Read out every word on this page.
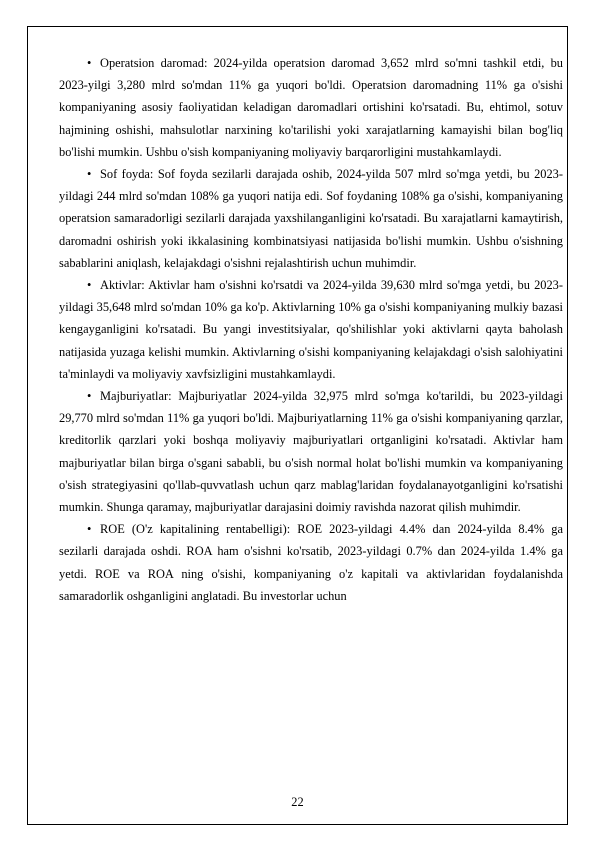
• Operatsion daromad: 2024-yilda operatsion daromad 3,652 mlrd so'mni tashkil etdi, bu 2023-yilgi 3,280 mlrd so'mdan 11% ga yuqori bo'ldi. Operatsion daromadning 11% ga o'sishi kompaniyaning asosiy faoliyatidan keladigan daromadlari ortishini ko'rsatadi. Bu, ehtimol, sotuv hajmining oshishi, mahsulotlar narxining ko'tarilishi yoki xarajatlarning kamayishi bilan bog'liq bo'lishi mumkin. Ushbu o'sish kompaniyaning moliyaviy barqarorligini mustahkamlaydi.

• Sof foyda: Sof foyda sezilarli darajada oshib, 2024-yilda 507 mlrd so'mga yetdi, bu 2023-yildagi 244 mlrd so'mdan 108% ga yuqori natija edi. Sof foydaning 108% ga o'sishi, kompaniyaning operatsion samaradorligi sezilarli darajada yaxshilanganligini ko'rsatadi. Bu xarajatlarni kamaytirish, daromadni oshirish yoki ikkalasining kombinatsiyasi natijasida bo'lishi mumkin. Ushbu o'sishning sabablarini aniqlash, kelajakdagi o'sishni rejalashtirish uchun muhimdir.

• Aktivlar: Aktivlar ham o'sishni ko'rsatdi va 2024-yilda 39,630 mlrd so'mga yetdi, bu 2023-yildagi 35,648 mlrd so'mdan 10% ga ko'p. Aktivlarning 10% ga o'sishi kompaniyaning mulkiy bazasi kengayganligini ko'rsatadi. Bu yangi investitsiyalar, qo'shilishlar yoki aktivlarni qayta baholash natijasida yuzaga kelishi mumkin. Aktivlarning o'sishi kompaniyaning kelajakdagi o'sish salohiyatini ta'minlaydi va moliyaviy xavfsizligini mustahkamlaydi.

• Majburiyatlar: Majburiyatlar 2024-yilda 32,975 mlrd so'mga ko'tarildi, bu 2023-yildagi 29,770 mlrd so'mdan 11% ga yuqori bo'ldi. Majburiyatlarning 11% ga o'sishi kompaniyaning qarzlar, kreditorlik qarzlari yoki boshqa moliyaviy majburiyatlari ortganligini ko'rsatadi. Aktivlar ham majburiyatlar bilan birga o'sgani sababli, bu o'sish normal holat bo'lishi mumkin va kompaniyaning o'sish strategiyasini qo'llab-quvvatlash uchun qarz mablag'laridan foydalanayotganligini ko'rsatishi mumkin. Shunga qaramay, majburiyatlar darajasini doimiy ravishda nazorat qilish muhimdir.

• ROE (O'z kapitalining rentabelligi): ROE 2023-yildagi 4.4% dan 2024-yilda 8.4% ga sezilarli darajada oshdi. ROA ham o'sishni ko'rsatib, 2023-yildagi 0.7% dan 2024-yilda 1.4% ga yetdi. ROE va ROA ning o'sishi, kompaniyaning o'z kapitali va aktivlaridan foydalanishda samaradorlik oshganligini anglatadi. Bu investorlar uchun

22
